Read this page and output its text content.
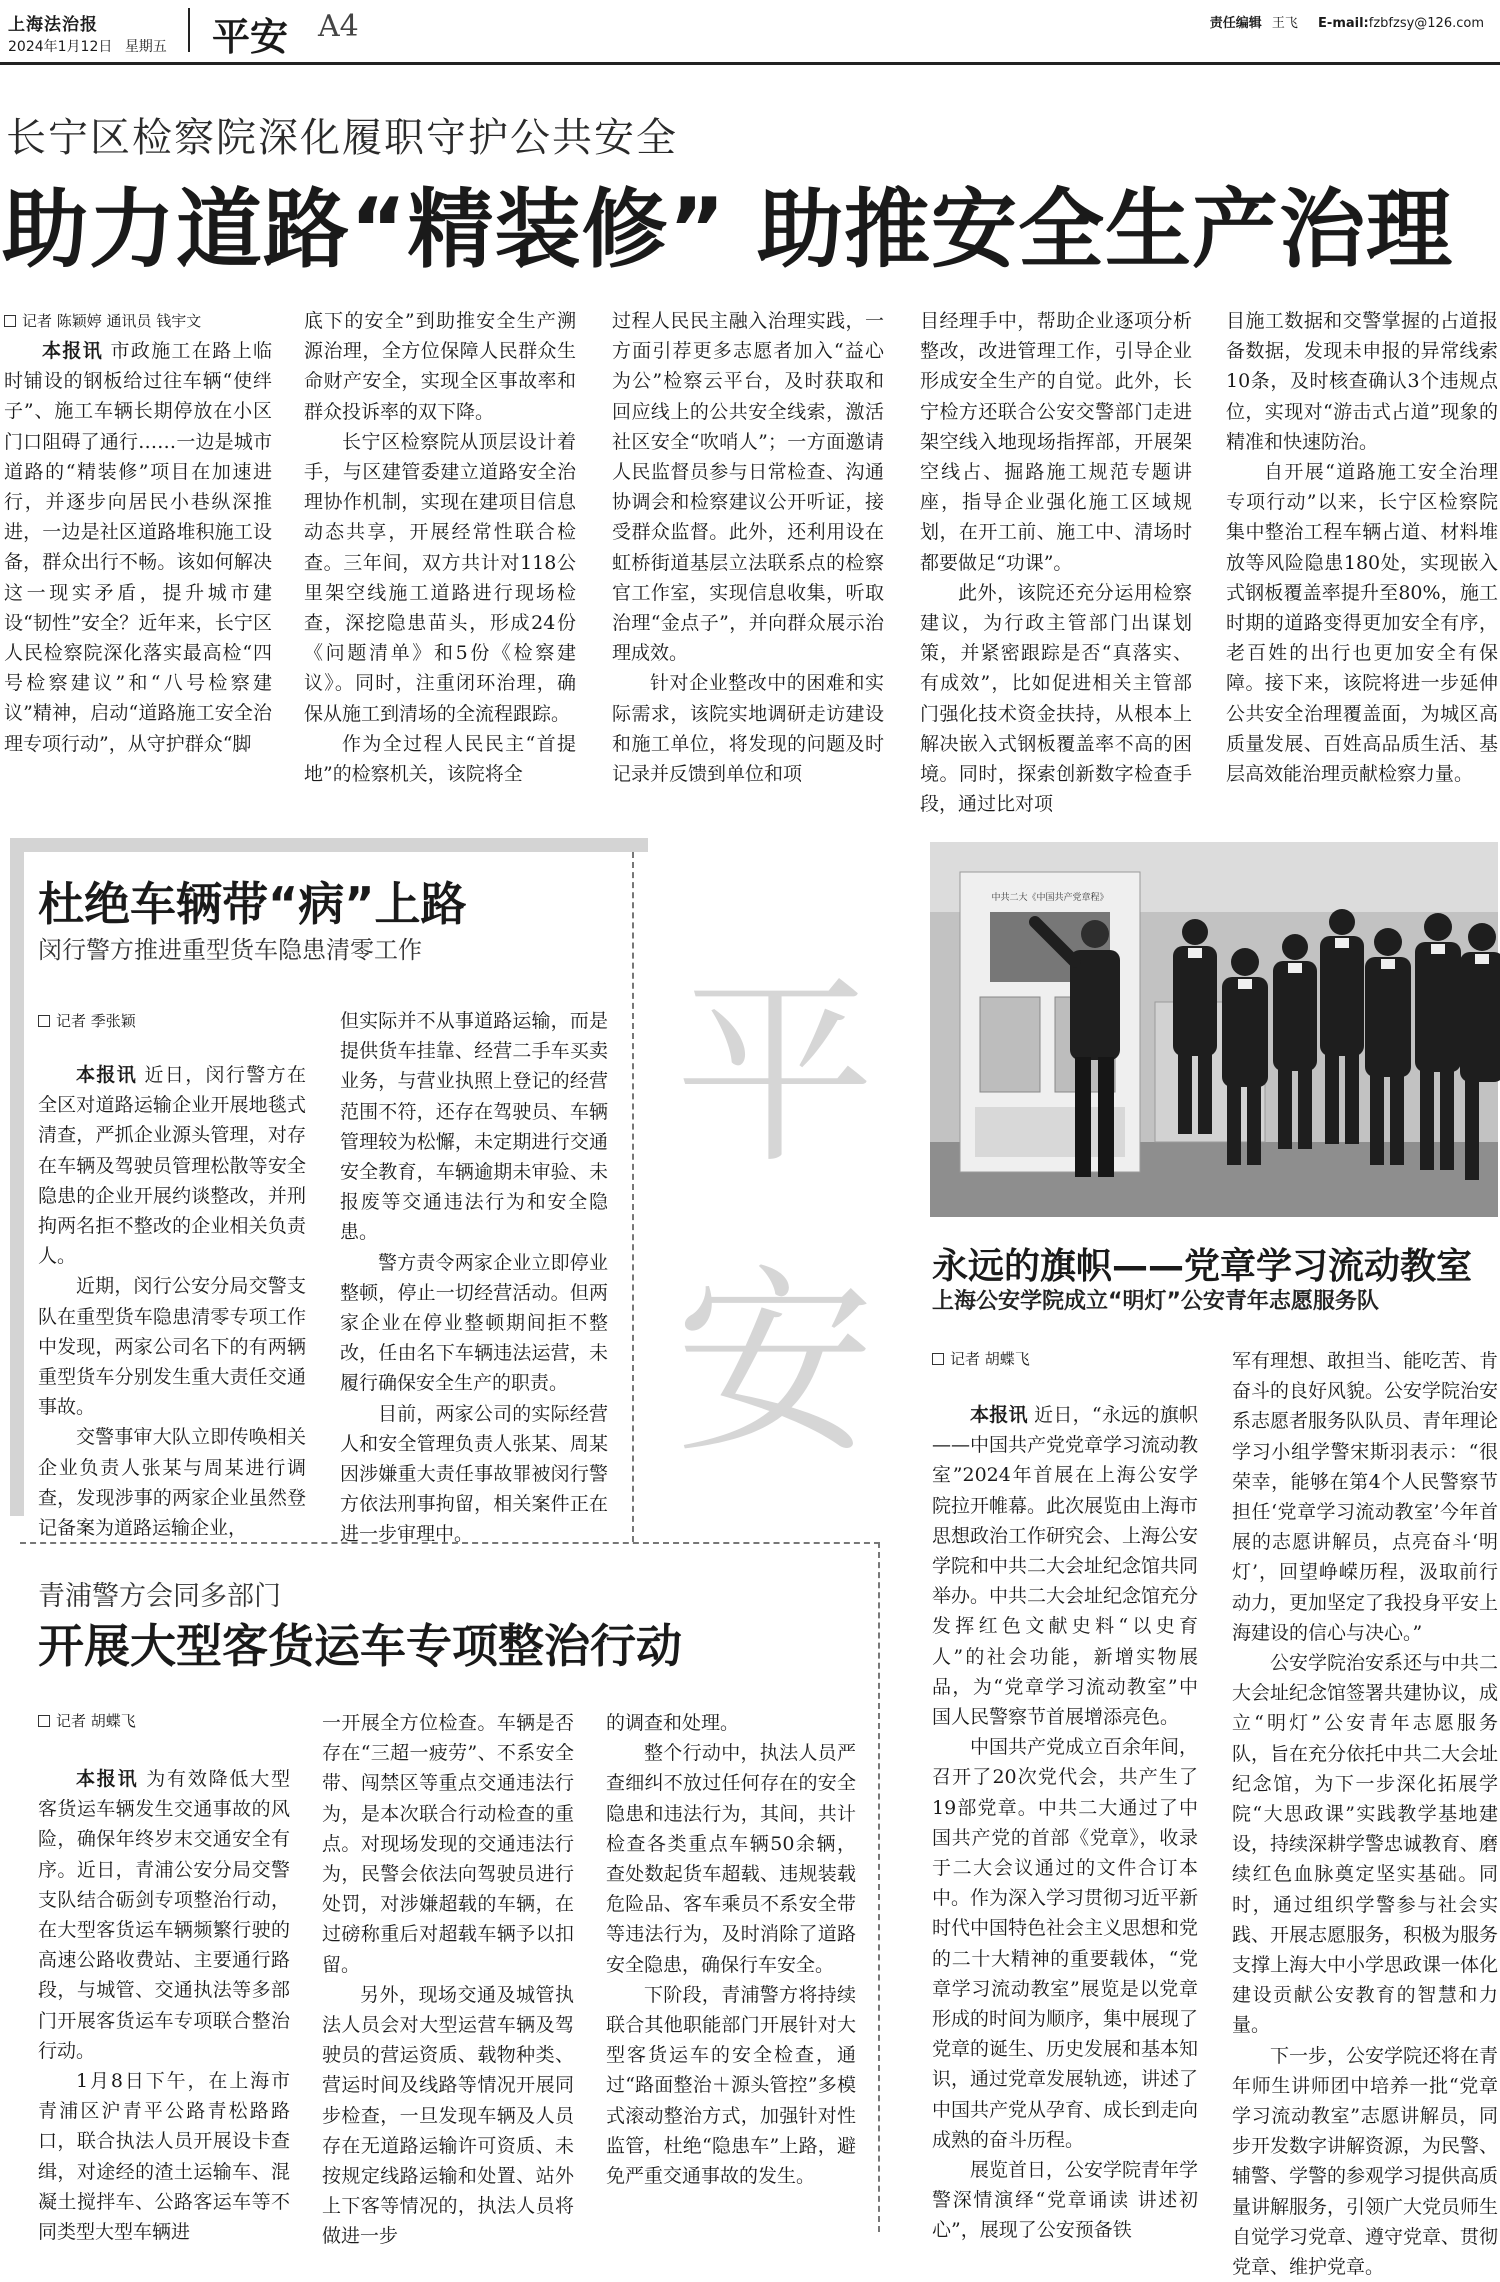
上海法治报
2024年1月12日 星期五 平安 A4	责任编辑 王飞 E-mail:fzbfzsy@126.com
长宁区检察院深化履职守护公共安全
助力道路“精装修” 助推安全生产治理
记者 陈颖婷 通讯员 钱宇文

本报讯 市政施工在路上临时铺设的钢板给过往车辆“使绊子”、施工车辆长期停放在小区门口阻碍了通行……一边是城市道路的“精装修”项目在加速进行，并逐步向居民小巷纵深推进，一边是社区道路堆积施工设备，群众出行不畅。该如何解决这一现实矛盾，提升城市建设“韧性”安全？近年来，长宁区人民检察院深化落实最高检“四号检察建议”和“八号检察建议”精神，启动“道路施工安全治理专项行动”，从守护群众“脚

底下的安全”到助推安全生产溯源治理，全方位保障人民群众生命财产安全，实现全区事故率和群众投诉率的双下降。

长宁区检察院从顶层设计着手，与区建管委建立道路安全治理协作机制，实现在建项目信息动态共享，开展经常性联合检查。三年间，双方共计对118公里架空线施工道路进行现场检查，深挖隐患苗头，形成24份《问题清单》和5份《检察建议》。同时，注重闭环治理，确保从施工到清场的全流程跟踪。

作为全过程人民民主“首提地”的检察机关，该院将全

过程人民民主融入治理实践，一方面引荐更多志愿者加入“益心为公”检察云平台，及时获取和回应线上的公共安全线索，激活社区安全“吹哨人”；一方面邀请人民监督员参与日常检查、沟通协调会和检察建议公开听证，接受群众监督。此外，还利用设在虹桥街道基层立法联系点的检察官工作室，实现信息收集，听取治理“金点子”，并向群众展示治理成效。

针对企业整改中的困难和实际需求，该院实地调研走访建设和施工单位，将发现的问题及时记录并反馈到单位和项

目经理手中，帮助企业逐项分析整改，改进管理工作，引导企业形成安全生产的自觉。此外，长宁检方还联合公安交警部门走进架空线入地现场指挥部，开展架空线占、掘路施工规范专题讲座，指导企业强化施工区域规划，在开工前、施工中、清场时都要做足“功课”。

此外，该院还充分运用检察建议，为行政主管部门出谋划策，并紧密跟踪是否“真落实、有成效”，比如促进相关主管部门强化技术资金扶持，从根本上解决嵌入式钢板覆盖率不高的困境。同时，探索创新数字检查手段，通过比对项

目施工数据和交警掌握的占道报备数据，发现未申报的异常线索10条，及时核查确认3个违规点位，实现对“游击式占道”现象的精准和快速防治。

自开展“道路施工安全治理专项行动”以来，长宁区检察院集中整治工程车辆占道、材料堆放等风险隐患180处，实现嵌入式钢板覆盖率提升至80%，施工时期的道路变得更加安全有序，老百姓的出行也更加安全有保障。接下来，该院将进一步延伸公共安全治理覆盖面，为城区高质量发展、百姓高品质生活、基层高效能治理贡献检察力量。

杜绝车辆带“病”上路
闵行警方推进重型货车隐患清零工作
记者 季张颖

本报讯 近日，闵行警方在全区对道路运输企业开展地毯式清查，严抓企业源头管理，对存在车辆及驾驶员管理松散等安全隐患的企业开展约谈整改，并刑拘两名拒不整改的企业相关负责人。

近期，闵行公安分局交警支队在重型货车隐患清零专项工作中发现，两家公司名下的有两辆重型货车分别发生重大责任交通事故。

交警事审大队立即传唤相关企业负责人张某与周某进行调查，发现涉事的两家企业虽然登记备案为道路运输企业，

但实际并不从事道路运输，而是提供货车挂靠、经营二手车买卖业务，与营业执照上登记的经营范围不符，还存在驾驶员、车辆管理较为松懈，未定期进行交通安全教育，车辆逾期未审验、未报废等交通违法行为和安全隐患。

警方责令两家企业立即停业整顿，停止一切经营活动。但两家企业在停业整顿期间拒不整改，任由名下车辆违法运营，未履行确保安全生产的职责。

目前，两家公司的实际经营人和安全管理负责人张某、周某因涉嫌重大责任事故罪被闵行警方依法刑事拘留，相关案件正在进一步审理中。

平
安
青浦警方会同多部门
开展大型客货运车专项整治行动
记者 胡蝶飞

本报讯 为有效降低大型客货运车辆发生交通事故的风险，确保年终岁末交通安全有序。近日，青浦公安分局交警支队结合砺剑专项整治行动，在大型客货运车辆频繁行驶的高速公路收费站、主要通行路段，与城管、交通执法等多部门开展客货运车专项联合整治行动。

1月8日下午，在上海市青浦区沪青平公路青松路路口，联合执法人员开展设卡查缉，对途经的渣土运输车、混凝土搅拌车、公路客运车等不同类型大型车辆进

一开展全方位检查。车辆是否存在“三超一疲劳”、不系安全带、闯禁区等重点交通违法行为，是本次联合行动检查的重点。对现场发现的交通违法行为，民警会依法向驾驶员进行处罚，对涉嫌超载的车辆，在过磅称重后对超载车辆予以扣留。

另外，现场交通及城管执法人员会对大型运营车辆及驾驶员的营运资质、载物种类、营运时间及线路等情况开展同步检查，一旦发现车辆及人员存在无道路运输许可资质、未按规定线路运输和处置、站外上下客等情况的，执法人员将做进一步

的调查和处理。

整个行动中，执法人员严查细纠不放过任何存在的安全隐患和违法行为，其间，共计检查各类重点车辆50余辆，查处数起货车超载、违规装载危险品、客车乘员不系安全带等违法行为，及时消除了道路安全隐患，确保行车安全。

下阶段，青浦警方将持续联合其他职能部门开展针对大型客货运车的安全检查，通过“路面整治＋源头管控”多模式滚动整治方式，加强针对性监管，杜绝“隐患车”上路，避免严重交通事故的发生。

中共二大《中国共产党章程》
永远的旗帜——党章学习流动教室
上海公安学院成立“明灯”公安青年志愿服务队
记者 胡蝶飞

本报讯 近日，“永远的旗帜——中国共产党党章学习流动教室”2024年首展在上海公安学院拉开帷幕。此次展览由上海市思想政治工作研究会、上海公安学院和中共二大会址纪念馆共同举办。中共二大会址纪念馆充分发挥红色文献史料“以史育人”的社会功能，新增实物展品，为“党章学习流动教室”中国人民警察节首展增添亮色。

中国共产党成立百余年间，召开了20次党代会，共产生了19部党章。中共二大通过了中国共产党的首部《党章》，收录于二大会议通过的文件合订本中。作为深入学习贯彻习近平新时代中国特色社会主义思想和党的二十大精神的重要载体，“党章学习流动教室”展览是以党章形成的时间为顺序，集中展现了党章的诞生、历史发展和基本知识，通过党章发展轨迹，讲述了中国共产党从孕育、成长到走向成熟的奋斗历程。

展览首日，公安学院青年学警深情演绎“党章诵读 讲述初心”，展现了公安预备铁

军有理想、敢担当、能吃苦、肯奋斗的良好风貌。公安学院治安系志愿者服务队队员、青年理论学习小组学警宋斯羽表示：“很荣幸，能够在第4个人民警察节担任‘党章学习流动教室’今年首展的志愿讲解员，点亮奋斗‘明灯’，回望峥嵘历程，汲取前行动力，更加坚定了我投身平安上海建设的信心与决心。”

公安学院治安系还与中共二大会址纪念馆签署共建协议，成立“明灯”公安青年志愿服务队，旨在充分依托中共二大会址纪念馆，为下一步深化拓展学院“大思政课”实践教学基地建设，持续深耕学警忠诚教育、磨续红色血脉奠定坚实基础。同时，通过组织学警参与社会实践、开展志愿服务，积极为服务支撑上海大中小学思政课一体化建设贡献公安教育的智慧和力量。

下一步，公安学院还将在青年师生讲师团中培养一批“党章学习流动教室”志愿讲解员，同步开发数字讲解资源，为民警、辅警、学警的参观学习提供高质量讲解服务，引领广大党员师生自觉学习党章、遵守党章、贯彻党章、维护党章。
